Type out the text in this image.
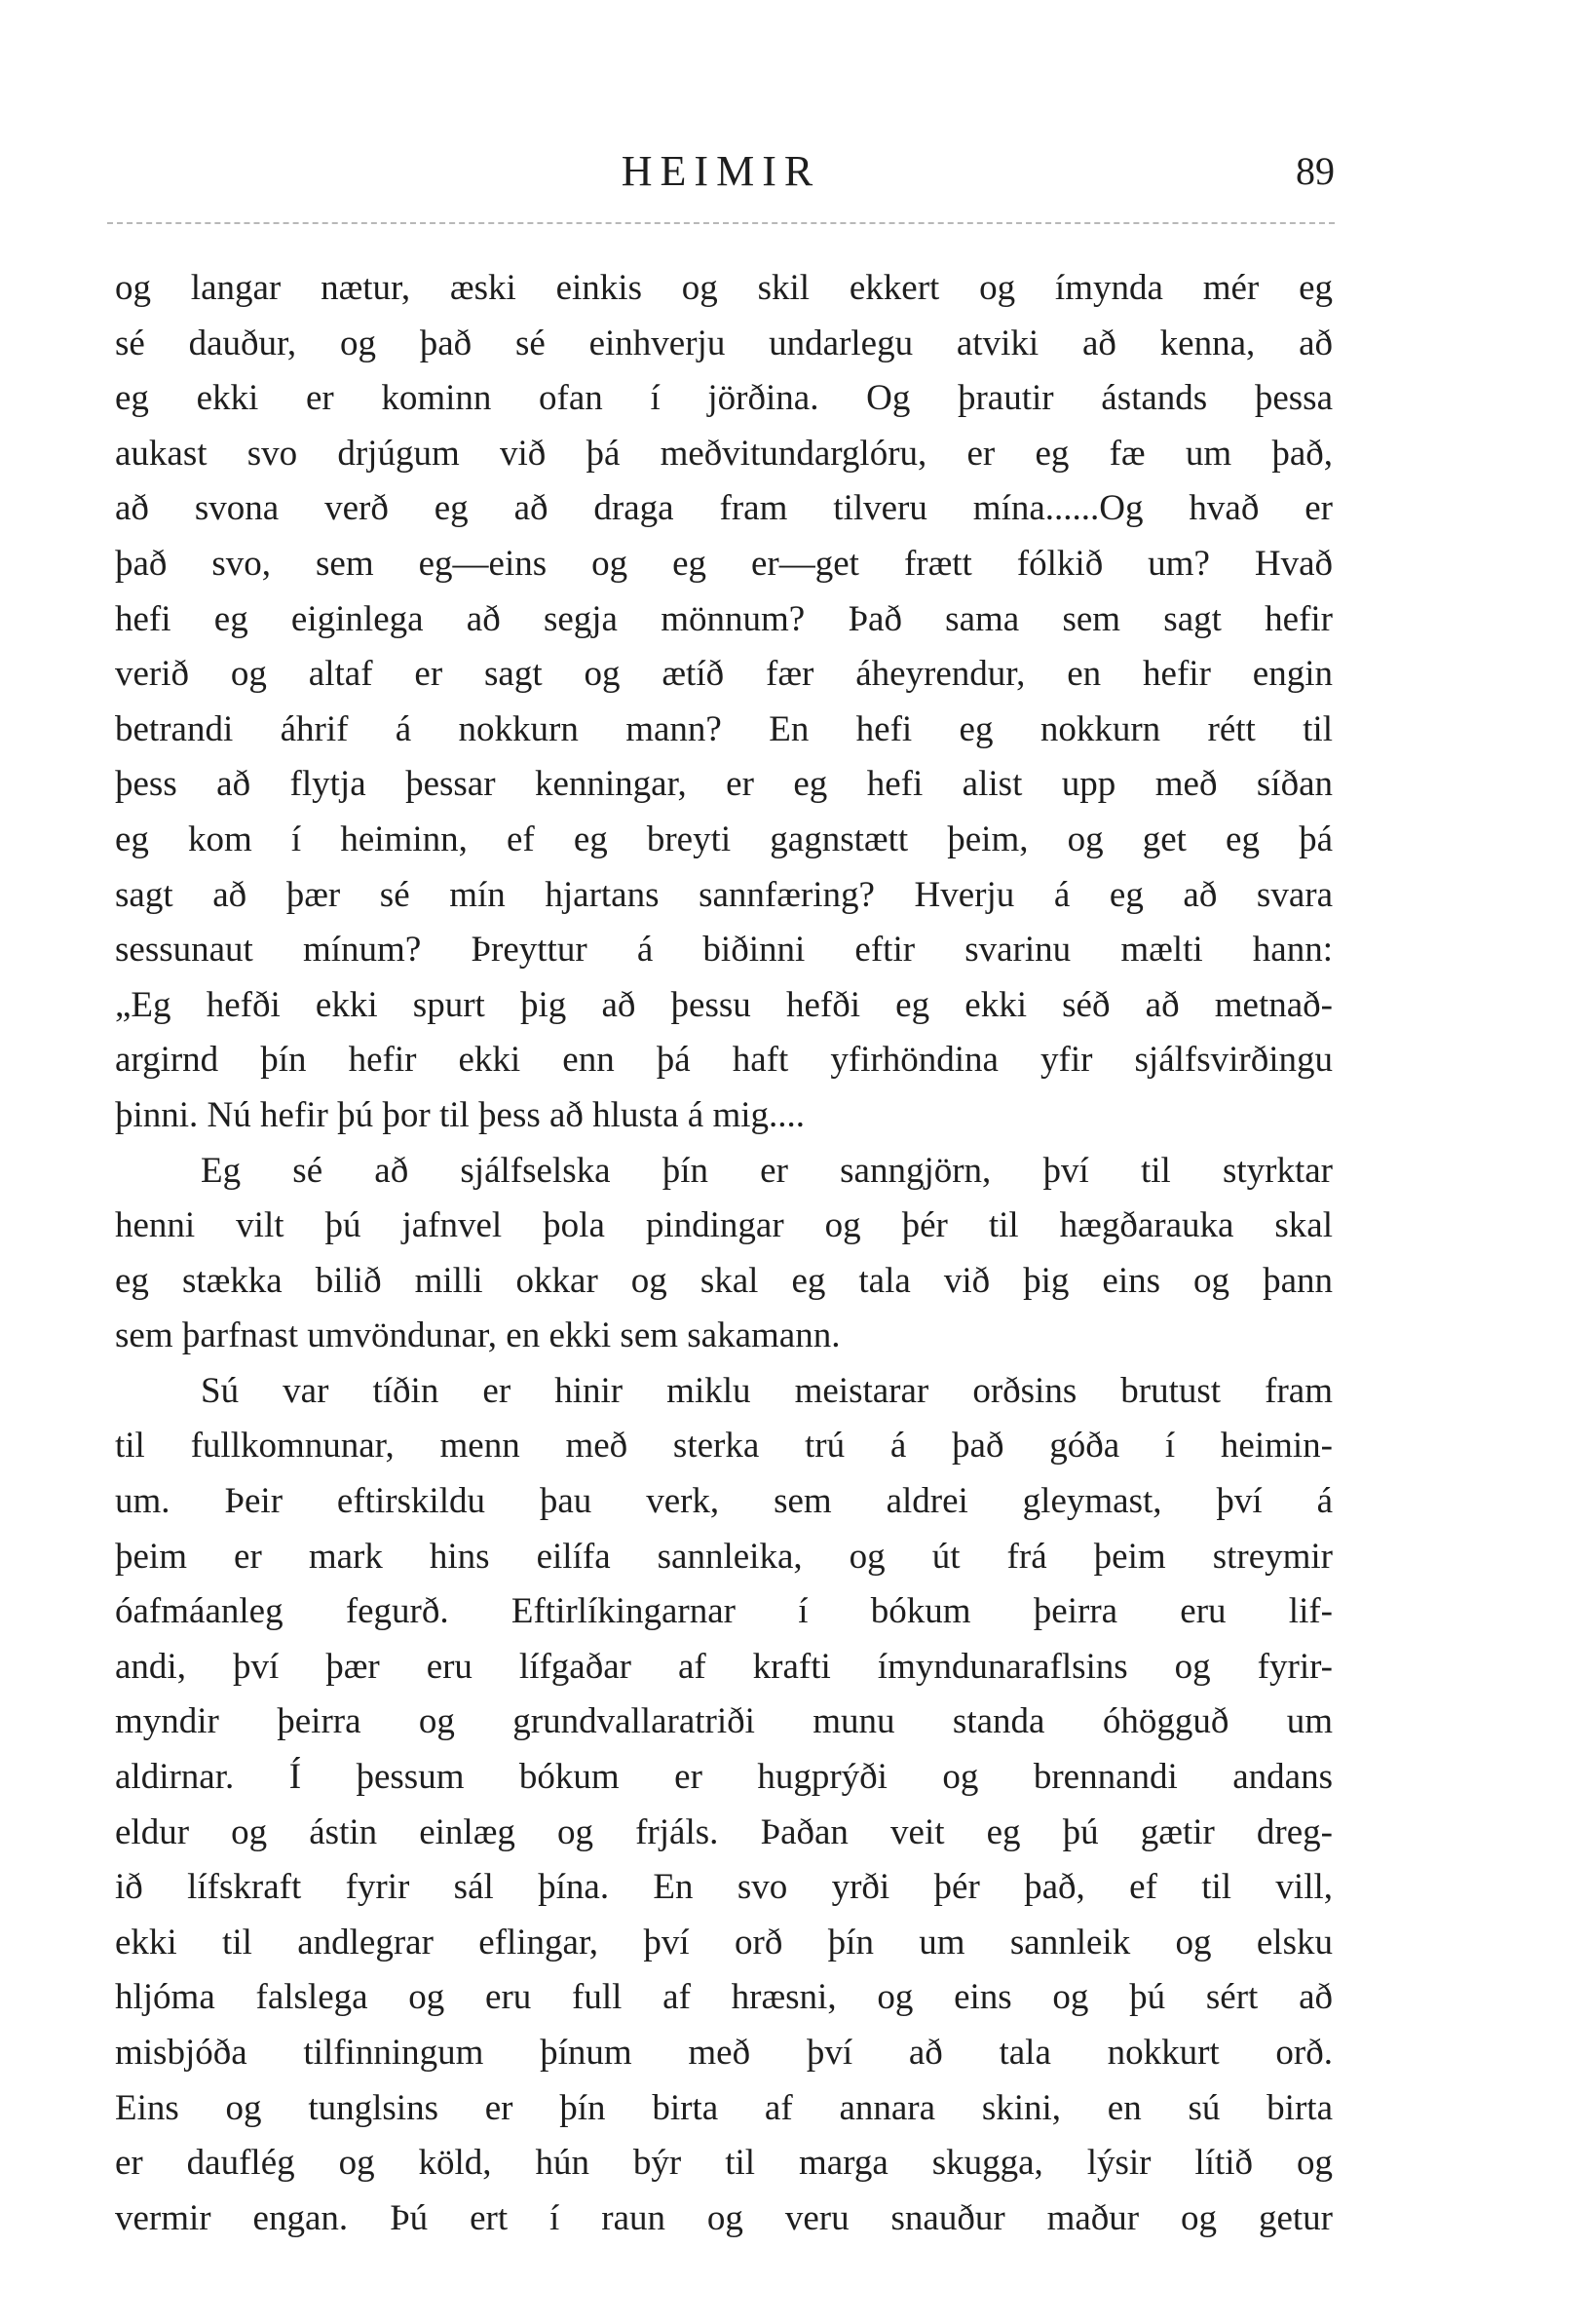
HEIMIR	89
og langar nætur, æski einkis og skil ekkert og ímynda mér eg
sé dauður, og það sé einhverju undarlegu atviki að kenna, að
eg ekki er kominn ofan í jörðina. Og þrautir ástands þessa
aukast svo drjúgum við þá meðvitundarglóru, er eg fæ um það,
að svona verð eg að draga fram tilveru mína......Og hvað er
það svo, sem eg—eins og eg er—get frætt fólkið um? Hvað
hefi eg eiginlega að segja mönnum? Það sama sem sagt hefir
verið og altaf er sagt og ætíð fær áheyrendur, en hefir engin
betrandi áhrif á nokkurn mann? En hefi eg nokkurn rétt til
þess að flytja þessar kenningar, er eg hefi alist upp með síðan
eg kom í heiminn, ef eg breyti gagnstætt þeim, og get eg þá
sagt að þær sé mín hjartans sannfæring? Hverju á eg að svara
sessunaut mínum? Þreyttur á biðinni eftir svarinu mælti hann:
„Eg hefði ekki spurt þig að þessu hefði eg ekki séð að metnað-
argirnd þín hefir ekki enn þá haft yfirhöndina yfir sjálfsvirðingu
þinni. Nú hefir þú þor til þess að hlusta á mig....
Eg sé að sjálfselska þín er sanngjörn, því til styrktar
henni vilt þú jafnvel þola pindingar og þér til hægðarauka skal
eg stækka bilið milli okkar og skal eg tala við þig eins og þann
sem þarfnast umvöndunar, en ekki sem sakamann.
Sú var tíðin er hinir miklu meistarar orðsins brutust fram
til fullkomnunar, menn með sterka trú á það góða í heimin-
um. Þeir eftirskildu þau verk, sem aldrei gleymast, því á
þeim er mark hins eilífa sannleika, og út frá þeim streymir
óafmáanleg fegurð. Eftirlíkingarnar í bókum þeirra eru lif-
andi, því þær eru lífgaðar af krafti ímyndunaraflsins og fyrir-
myndir þeirra og grundvallaratriði munu standa óhögguð um
aldirnar. Í þessum bókum er hugprýði og brennandi andans
eldur og ástin einlæg og frjáls. Þaðan veit eg þú gætir dreg-
ið lífskraft fyrir sál þína. En svo yrði þér það, ef til vill,
ekki til andlegrar eflingar, því orð þín um sannleik og elsku
hljóma falslega og eru full af hræsni, og eins og þú sért að
misbjóða tilfinningum þínum með því að tala nokkurt orð.
Eins og tunglsins er þín birta af annara skini, en sú birta
er dauflég og köld, hún býr til marga skugga, lýsir lítið og
vermir engan. Þú ert í raun og veru snauður maður og getur
